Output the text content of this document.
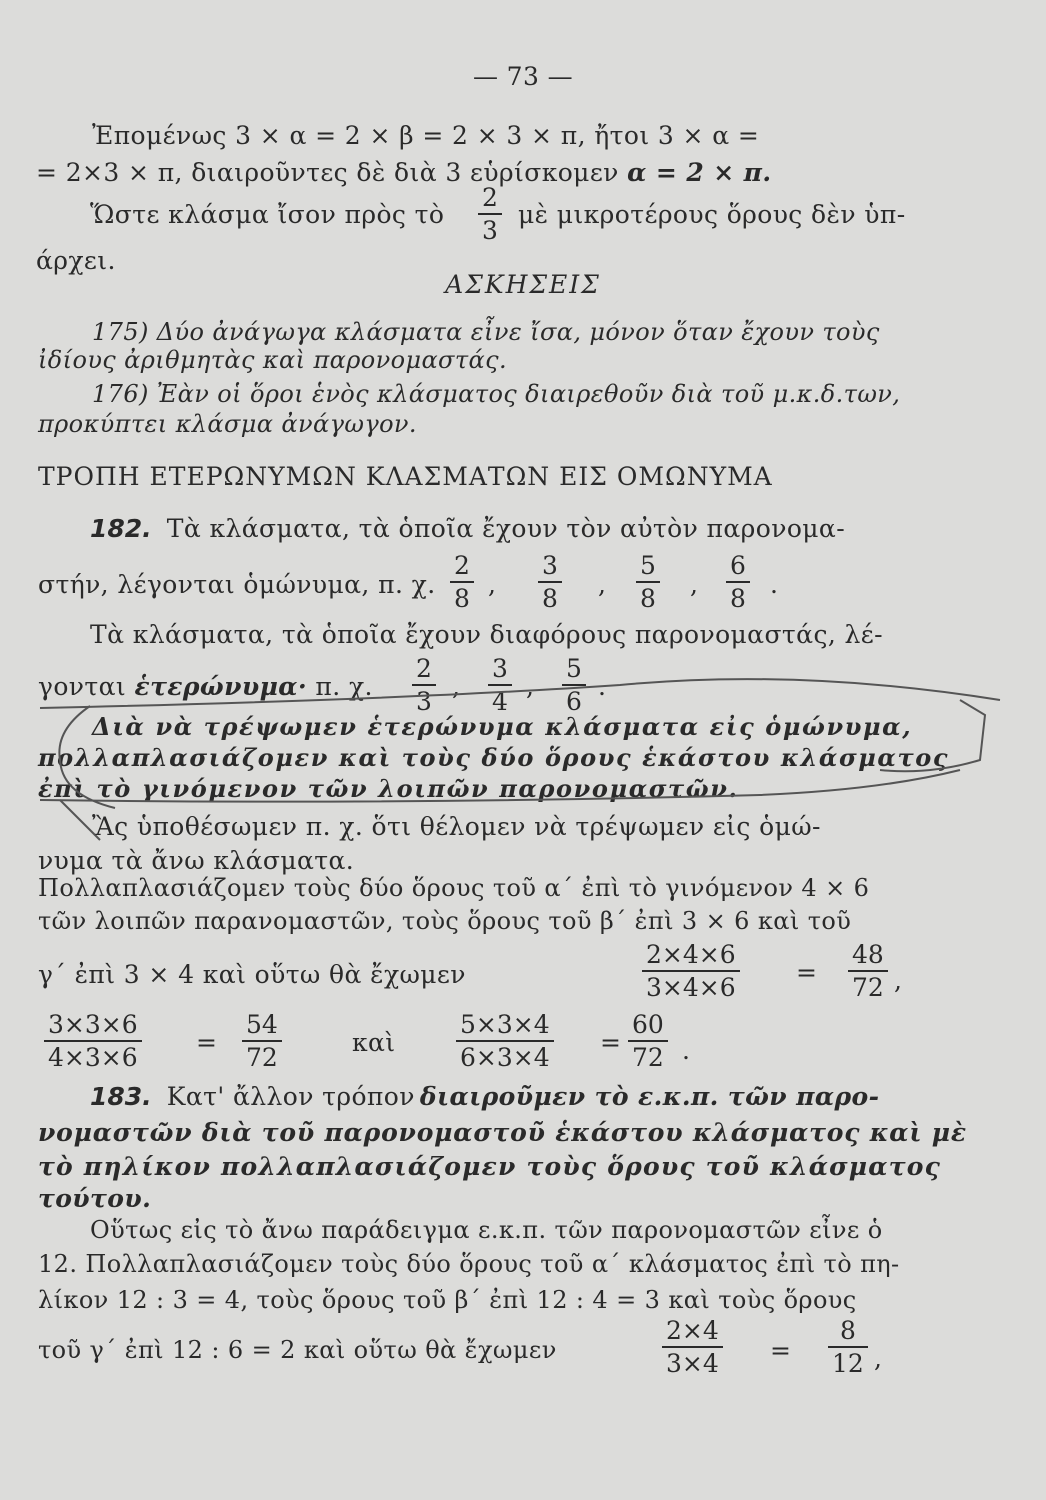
— 73 —
Ἐπομένως 3 × α = 2 × β = 2 × 3 × π, ἤτοι 3 × α =
= 2×3 × π, διαιροῦντες δὲ διὰ 3 εὑρίσκομεν α = 2 × π.
Ὥστε κλάσμα ἴσον πρὸς τὸ $\frac{2}{3}$ μὲ μικροτέρους ὅρους δὲν ὑπ-
άρχει.
ΑΣΚΗΣΕΙΣ
175) Δύο ἀνάγωγα κλάσματα εἶνε ἴσα, μόνον ὅταν ἔχουν τοὺς
ἰδίους ἀριθμητὰς καὶ παρονομαστάς.
176) Ἐὰν οἱ ὅροι ἑνὸς κλάσματος διαιρεθοῦν διὰ τοῦ μ.κ.δ.των,
προκύπτει κλάσμα ἀνάγωγον.
ΤΡΟΠΗ ΕΤΕΡΩΝΥΜΩΝ ΚΛΑΣΜΑΤΩΝ ΕΙΣ ΟΜΩΝΥΜΑ
182. Τὰ κλάσματα, τὰ ὁποῖα ἔχουν τὸν αὐτὸν παρονομα-
στήν, λέγονται ὁμώνυμα, π. χ. $\frac{2}{8}$ , $\frac{3}{8}$ , $\frac{5}{8}$ , $\frac{6}{8}$ .
Τὰ κλάσματα, τὰ ὁποῖα ἔχουν διαφόρους παρονομαστάς, λέ-
γονται ἑτερώνυμα· π. χ. $\frac{2}{3}$ , $\frac{3}{4}$ , $\frac{5}{6}$ .
Διὰ νὰ τρέψωμεν ἑτερώνυμα κλάσματα εἰς ὁμώνυμα,
πολλαπλασιάζομεν καὶ τοὺς δύο ὅρους ἑκάστου κλάσματος
ἐπὶ τὸ γινόμενον τῶν λοιπῶν παρονομαστῶν.
Ἂς ὑποθέσωμεν π. χ. ὅτι θέλομεν νὰ τρέψωμεν εἰς ὁμώ-
νυμα τὰ ἄνω κλάσματα.
Πολλαπλασιάζομεν τοὺς δύο ὅρους τοῦ α΄ ἐπὶ τὸ γινόμενον 4 × 6
τῶν λοιπῶν παρανομαστῶν, τοὺς ὅρους τοῦ β΄ ἐπὶ 3 × 6 καὶ τοῦ
γ΄ ἐπὶ 3 × 4 καὶ οὕτω θὰ ἔχωμεν	$\frac{2\times 4\times 6}{3\times 4\times 6} = \frac{48}{72}$ ,
$\frac{3\times 3\times 6}{4\times 3\times 6} = \frac{54}{72}$	καὶ $\frac{5\times 3\times 4}{6\times 3\times 4} = \frac{60}{72}$ .
183. Κατ' ἄλλον τρόπον διαιροῦμεν τὸ ε.κ.π. τῶν παρο-
νομαστῶν διὰ τοῦ παρονομαστοῦ ἑκάστου κλάσματος καὶ μὲ
τὸ πηλίκον πολλαπλασιάζομεν τοὺς ὅρους τοῦ κλάσματος
τούτου.
Οὕτως εἰς τὸ ἄνω παράδειγμα ε.κ.π. τῶν παρονομαστῶν εἶνε ὁ
12. Πολλαπλασιάζομεν τοὺς δύο ὅρους τοῦ α΄ κλάσματος ἐπὶ τὸ πη-
λίκον 12 : 3 = 4, τοὺς ὅρους τοῦ β΄ ἐπὶ 12 : 4 = 3 καὶ τοὺς ὅρους
τοῦ γ΄ ἐπὶ 12 : 6 = 2 καὶ οὕτω θὰ ἔχωμεν	$\frac{2\times 4}{3\times 4} = \frac{8}{12}$ ,
